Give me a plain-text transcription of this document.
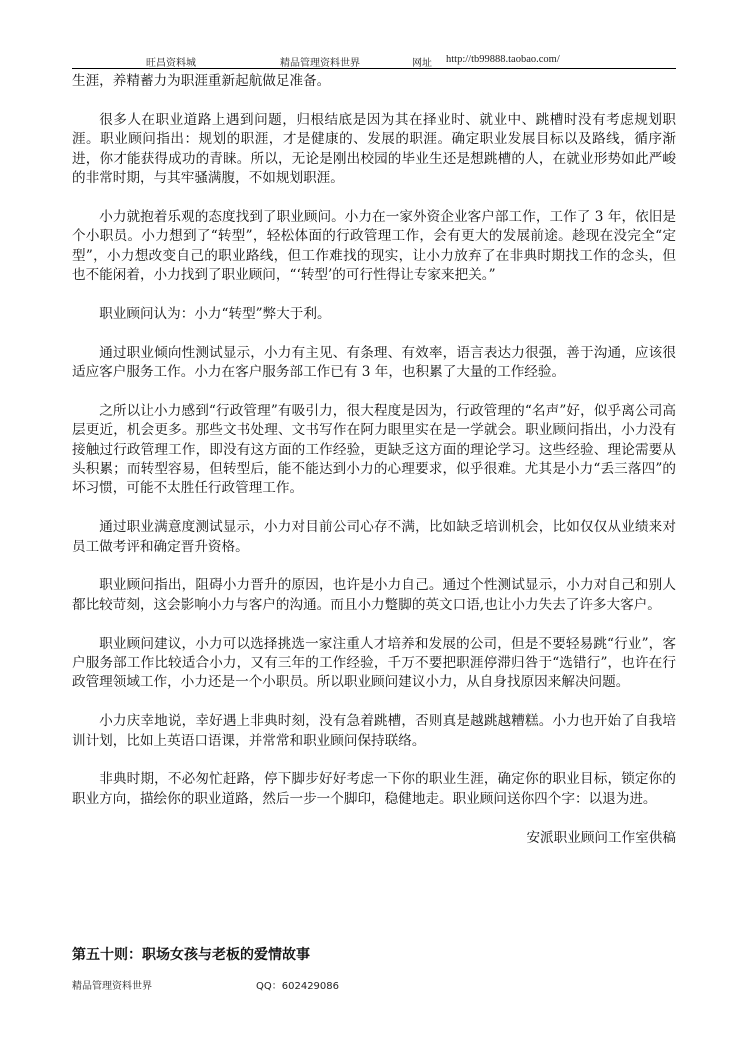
旺昌资料城	精品管理资料世界	网址 http://tb99888.taobao.com/

生涯，养精蓄力为职涯重新起航做足准备。

很多人在职业道路上遇到问题，归根结底是因为其在择业时、就业中、跳槽时没有考虑规划职涯。职业顾问指出：规划的职涯，才是健康的、发展的职涯。确定职业发展目标以及路线，循序渐进，你才能获得成功的青睐。所以，无论是刚出校园的毕业生还是想跳槽的人，在就业形势如此严峻的非常时期，与其牢骚满腹，不如规划职涯。

小力就抱着乐观的态度找到了职业顾问。小力在一家外资企业客户部工作，工作了 3 年，依旧是个小职员。小力想到了“转型”，轻松体面的行政管理工作，会有更大的发展前途。趁现在没完全“定型”，小力想改变自己的职业路线，但工作难找的现实，让小力放弃了在非典时期找工作的念头，但也不能闲着，小力找到了职业顾问，“‘转型’的可行性得让专家来把关。”

职业顾问认为：小力“转型”弊大于利。

通过职业倾向性测试显示，小力有主见、有条理、有效率，语言表达力很强，善于沟通，应该很适应客户服务工作。小力在客户服务部工作已有 3 年，也积累了大量的工作经验。

之所以让小力感到“行政管理”有吸引力，很大程度是因为，行政管理的“名声”好，似乎离公司高层更近，机会更多。那些文书处理、文书写作在阿力眼里实在是一学就会。职业顾问指出，小力没有接触过行政管理工作，即没有这方面的工作经验，更缺乏这方面的理论学习。这些经验、理论需要从头积累；而转型容易，但转型后，能不能达到小力的心理要求，似乎很难。尤其是小力“丢三落四”的坏习惯，可能不太胜任行政管理工作。

通过职业满意度测试显示，小力对目前公司心存不满，比如缺乏培训机会，比如仅仅从业绩来对员工做考评和确定晋升资格。

职业顾问指出，阻碍小力晋升的原因，也许是小力自己。通过个性测试显示，小力对自己和别人都比较苛刻，这会影响小力与客户的沟通。而且小力蹩脚的英文口语,也让小力失去了许多大客户。

职业顾问建议，小力可以选择挑选一家注重人才培养和发展的公司，但是不要轻易跳“行业”，客户服务部工作比较适合小力，又有三年的工作经验，千万不要把职涯停滞归咎于“选错行”，也许在行政管理领域工作，小力还是一个小职员。所以职业顾问建议小力，从自身找原因来解决问题。

小力庆幸地说，幸好遇上非典时刻，没有急着跳槽，否则真是越跳越糟糕。小力也开始了自我培训计划，比如上英语口语课，并常常和职业顾问保持联络。

非典时期，不必匆忙赶路，停下脚步好好考虑一下你的职业生涯，确定你的职业目标，锁定你的职业方向，描绘你的职业道路，然后一步一个脚印，稳健地走。职业顾问送你四个字：以退为进。

安派职业顾问工作室供稿

第五十则：职场女孩与老板的爱情故事
精品管理资料世界	QQ：602429086
